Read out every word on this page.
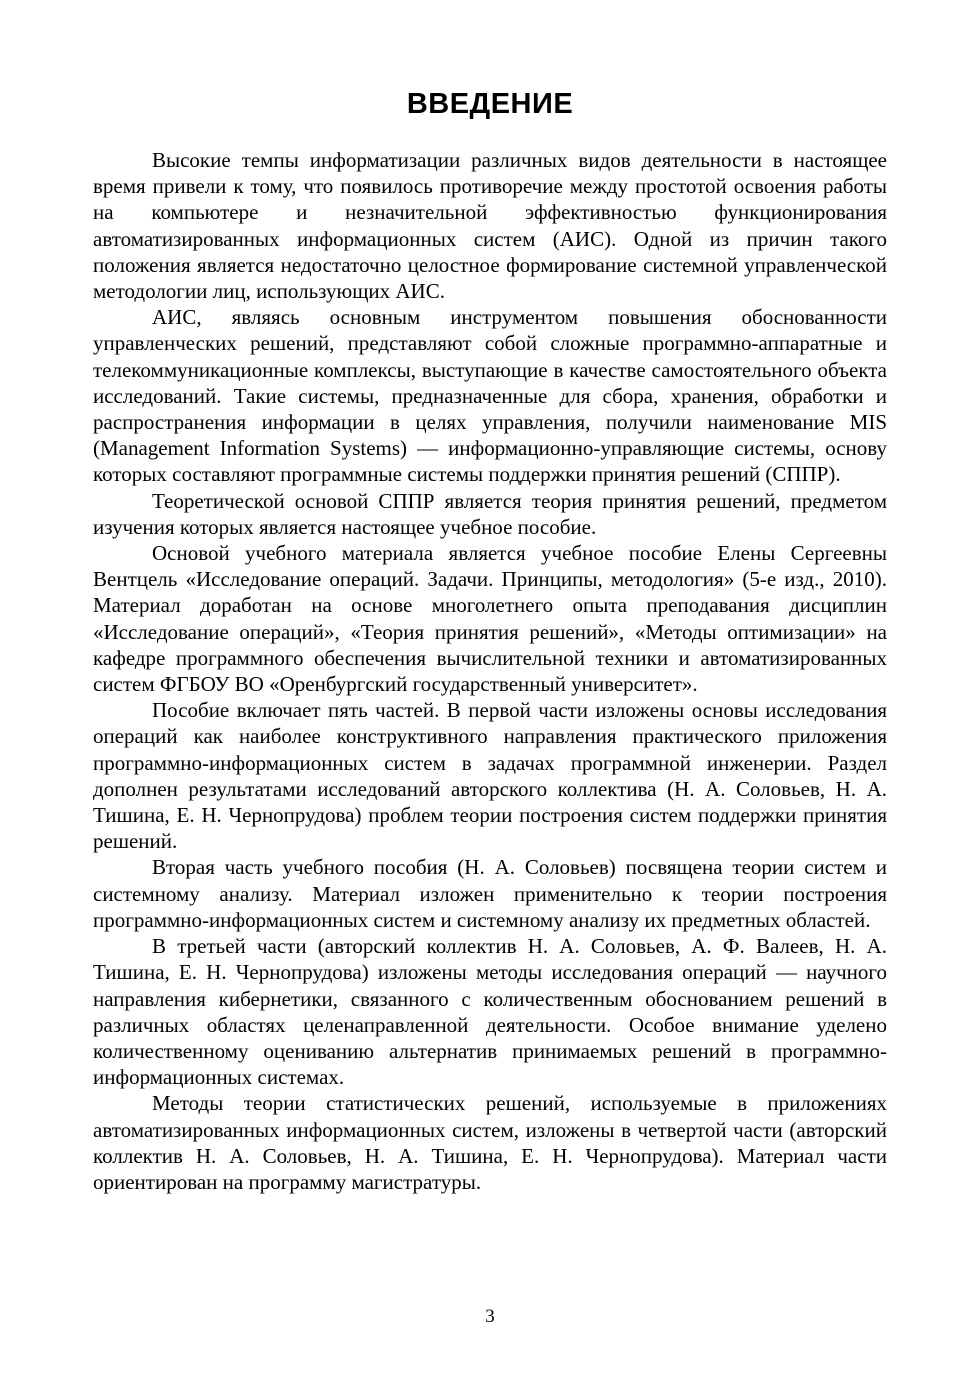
ВВЕДЕНИЕ

Высокие темпы информатизации различных видов деятельности в настоящее время привели к тому, что появилось противоречие между простотой освоения работы на компьютере и незначительной эффективностью функционирования автоматизированных информационных систем (АИС). Одной из причин такого положения является недостаточно целостное формирование системной управленческой методологии лиц, использующих АИС.

АИС, являясь основным инструментом повышения обоснованности управленческих решений, представляют собой сложные программно-аппаратные и телекоммуникационные комплексы, выступающие в качестве самостоятельного объекта исследований. Такие системы, предназначенные для сбора, хранения, обработки и распространения информации в целях управления, получили наименование MIS (Management Information Systems) — информационно-управляющие системы, основу которых составляют программные системы поддержки принятия решений (СППР).

Теоретической основой СППР является теория принятия решений, предметом изучения которых является настоящее учебное пособие.

Основой учебного материала является учебное пособие Елены Сергеевны Вентцель «Исследование операций. Задачи. Принципы, методология» (5-е изд., 2010). Материал доработан на основе многолетнего опыта преподавания дисциплин «Исследование операций», «Теория принятия решений», «Методы оптимизации» на кафедре программного обеспечения вычислительной техники и автоматизированных систем ФГБОУ ВО «Оренбургский государственный университет».

Пособие включает пять частей. В первой части изложены основы исследования операций как наиболее конструктивного направления практического приложения программно-информационных систем в задачах программной инженерии. Раздел дополнен результатами исследований авторского коллектива (Н. А. Соловьев, Н. А. Тишина, Е. Н. Чернопрудова) проблем теории построения систем поддержки принятия решений.

Вторая часть учебного пособия (Н. А. Соловьев) посвящена теории систем и системному анализу. Материал изложен применительно к теории построения программно-информационных систем и системному анализу их предметных областей.

В третьей части (авторский коллектив Н. А. Соловьев, А. Ф. Валеев, Н. А. Тишина, Е. Н. Чернопрудова) изложены методы исследования операций — научного направления кибернетики, связанного с количественным обоснованием решений в различных областях целенаправленной деятельности. Особое внимание уделено количественному оцениванию альтернатив принимаемых решений в программно-информационных системах.

Методы теории статистических решений, используемые в приложениях автоматизированных информационных систем, изложены в четвертой части (авторский коллектив Н. А. Соловьев, Н. А. Тишина, Е. Н. Чернопрудова). Материал части ориентирован на программу магистратуры.

3
